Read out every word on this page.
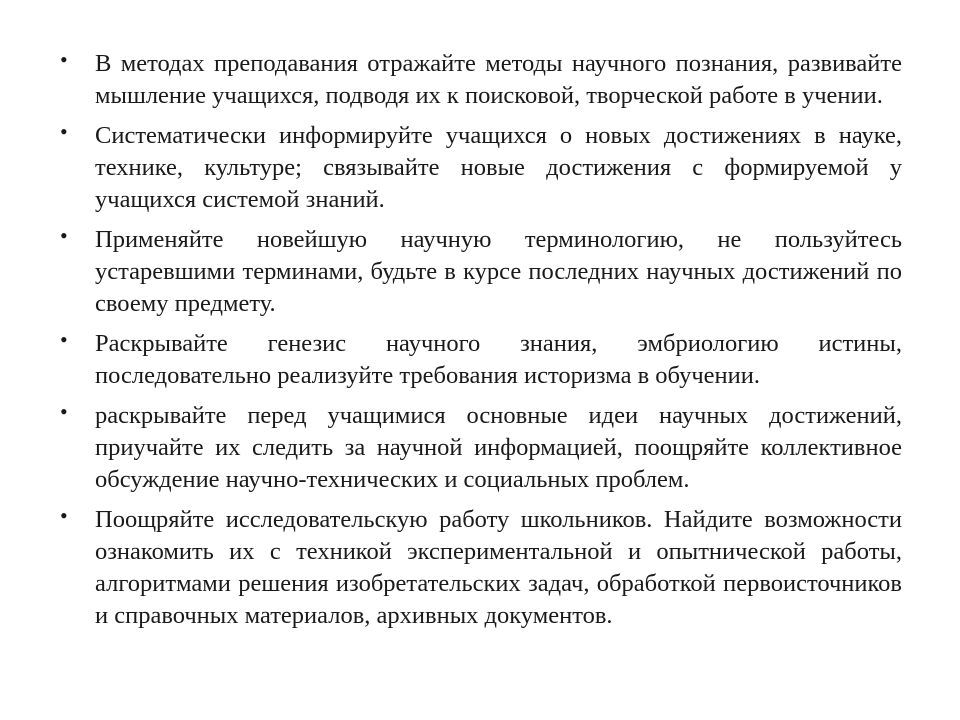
• В методах преподавания отражайте методы научного познания, развивайте мышление учащихся, подводя их к поисковой, творческой работе в учении.
• Систематически информируйте учащихся о новых достижениях в науке, технике, культуре; связывайте новые достижения с формируемой у учащихся системой знаний.
• Применяйте новейшую научную терминологию, не пользуйтесь устаревшими терминами, будьте в курсе последних научных достижений по своему предмету.
• Раскрывайте генезис научного знания, эмбриологию истины, последовательно реализуйте требования историзма в обучении.
• раскрывайте перед учащимися основные идеи научных достижений, приучайте их следить за научной информацией, поощряйте коллективное обсуждение научно-технических и социальных проблем.
• Поощряйте исследовательскую работу школьников. Найдите возможности ознакомить их с техникой экспериментальной и опытнической работы, алгоритмами решения изобретательских задач, обработкой первоисточников и справочных материалов, архивных документов.
